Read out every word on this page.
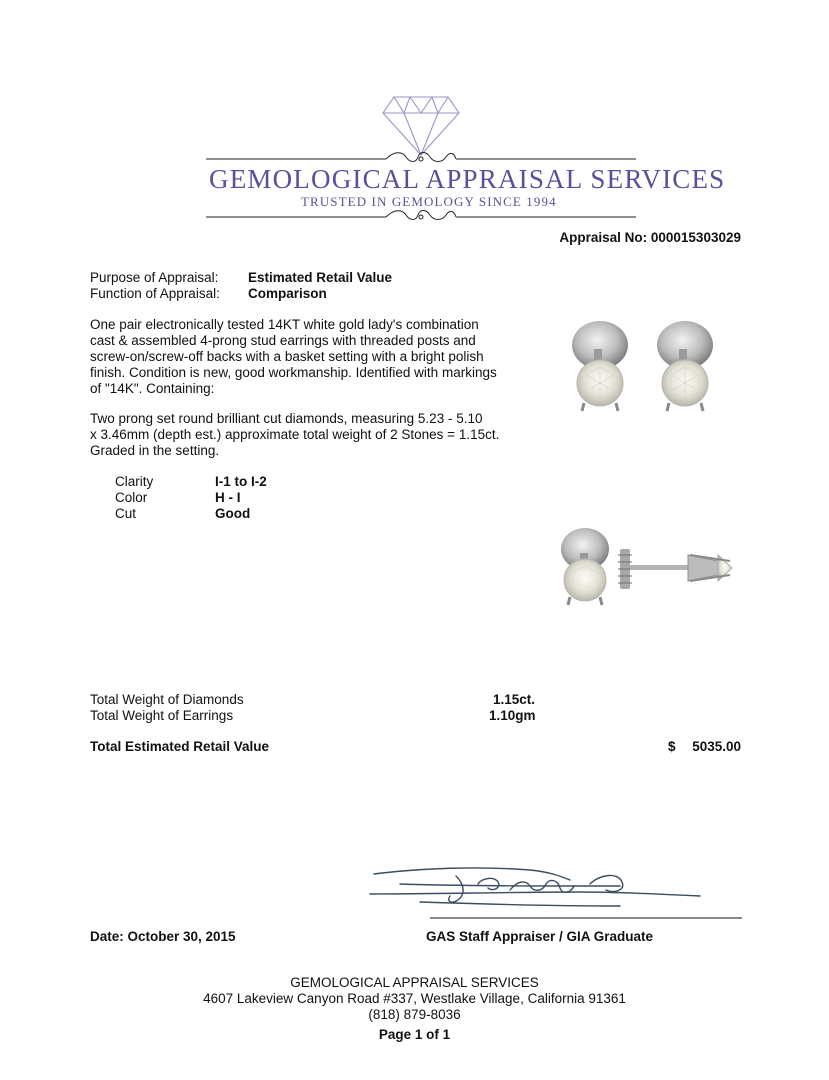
GEMOLOGICAL APPRAISAL SERVICES
TRUSTED IN GEMOLOGY SINCE 1994
Appraisal No: 000015303029
Purpose of Appraisal: Estimated Retail Value
Function of Appraisal: Comparison
One pair electronically tested 14KT white gold lady's combination
cast & assembled 4-prong stud earrings with threaded posts and
screw-on/screw-off backs with a basket setting with a bright polish
finish. Condition is new, good workmanship. Identified with markings
of "14K". Containing:
Two prong set round brilliant cut diamonds, measuring 5.23 - 5.10
x 3.46mm (depth est.) approximate total weight of 2 Stones = 1.15ct.
Graded in the setting.
Clarity	I-1 to I-2
Color	H - I
Cut	Good
Total Weight of Diamonds	1.15ct.
Total Weight of Earrings	1.10gm
Total Estimated Retail Value	$ 5035.00
Date: October 30, 2015	GAS Staff Appraiser / GIA Graduate
GEMOLOGICAL APPRAISAL SERVICES
4607 Lakeview Canyon Road #337, Westlake Village, California 91361
(818) 879-8036
Page 1 of 1
